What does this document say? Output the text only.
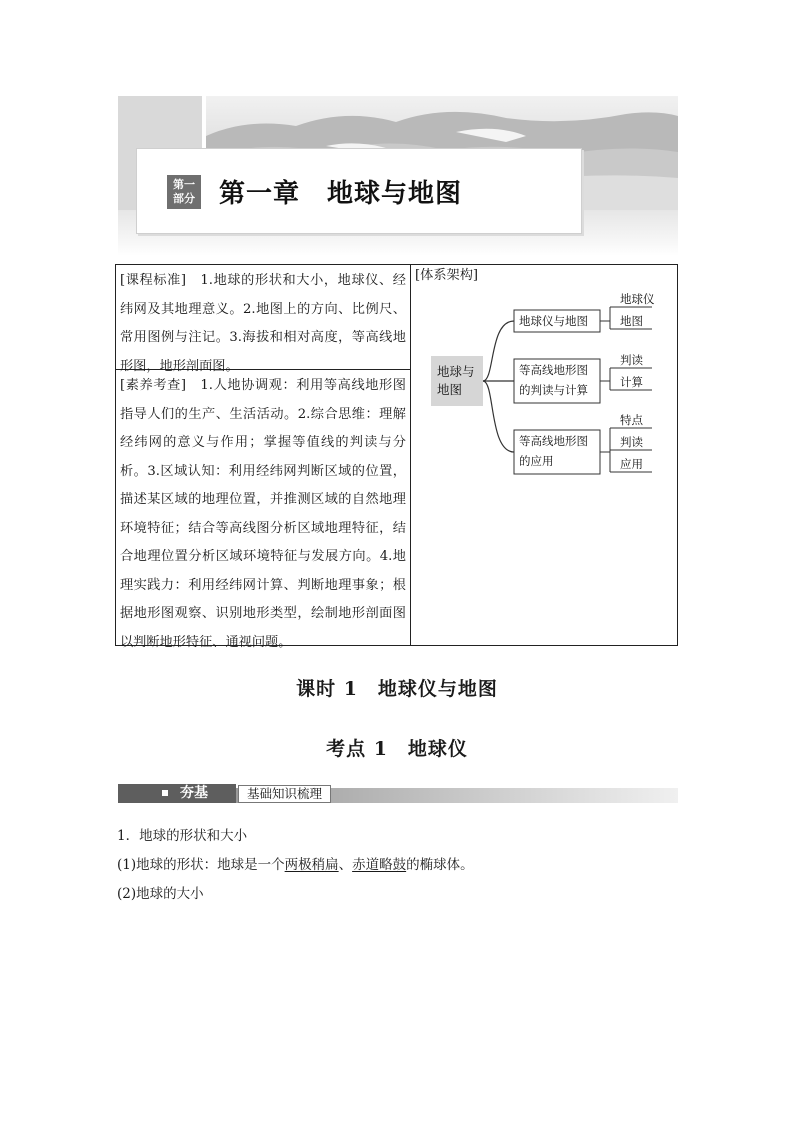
第一
部分 第一章　地球与地图
[课程标准]　1.地球的形状和大小，地球仪、经纬网及其地理意义。2.地图上的方向、比例尺、常用图例与注记。3.海拔和相对高度，等高线地形图，地形剖面图。
[素养考查]　1.人地协调观：利用等高线地形图指导人们的生产、生活活动。2.综合思维：理解经纬网的意义与作用；掌握等值线的判读与分析。3.区域认知：利用经纬网判断区域的位置，描述某区域的地理位置，并推测区域的自然地理环境特征；结合等高线图分析区域地理特征，结合地理位置分析区域环境特征与发展方向。4.地理实践力：利用经纬网计算、判断地理事象；根据地形图观察、识别地形类型，绘制地形剖面图以判断地形特征、通视问题。
[体系架构]
地球与
地图
地球仪与地图
地球仪
地图
等高线地形图
的判读与计算
判读
计算
等高线地形图
的应用
特点
判读
应用
课时 1　地球仪与地图
考点 1　地球仪
夯基	基础知识梳理
1．地球的形状和大小
(1)地球的形状：地球是一个两极稍扁、赤道略鼓的椭球体。
(2)地球的大小
